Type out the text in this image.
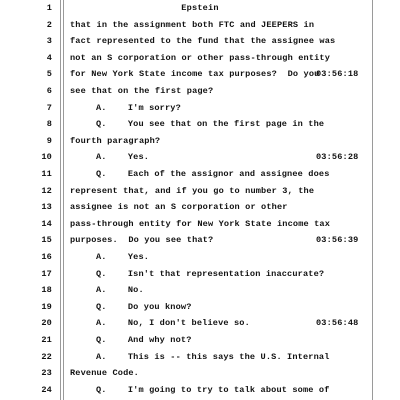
Epstein
1
2 that in the assignment both FTC and JEEPERS in
3 fact represented to the fund that the assignee was
4 not an S corporation or other pass-through entity
5 for New York State income tax purposes?  Do you
03:56:18
6 see that on the first page?
7	A.    I'm sorry?
8	Q.    You see that on the first page in the
9 fourth paragraph?
10	A.    Yes.	03:56:28
11	Q.    Each of the assignor and assignee does
12 represent that, and if you go to number 3, the
13 assignee is not an S corporation or other
14 pass-through entity for New York State income tax
15 purposes.  Do you see that?	03:56:39
16	A.    Yes.
17	Q.    Isn't that representation inaccurate?
18	A.    No.
19	Q.    Do you know?
20	A.    No, I don't believe so.	03:56:48
21	Q.    And why not?
22	A.    This is -- this says the U.S. Internal
23 Revenue Code.
24	Q.    I'm going to try to talk about some of
